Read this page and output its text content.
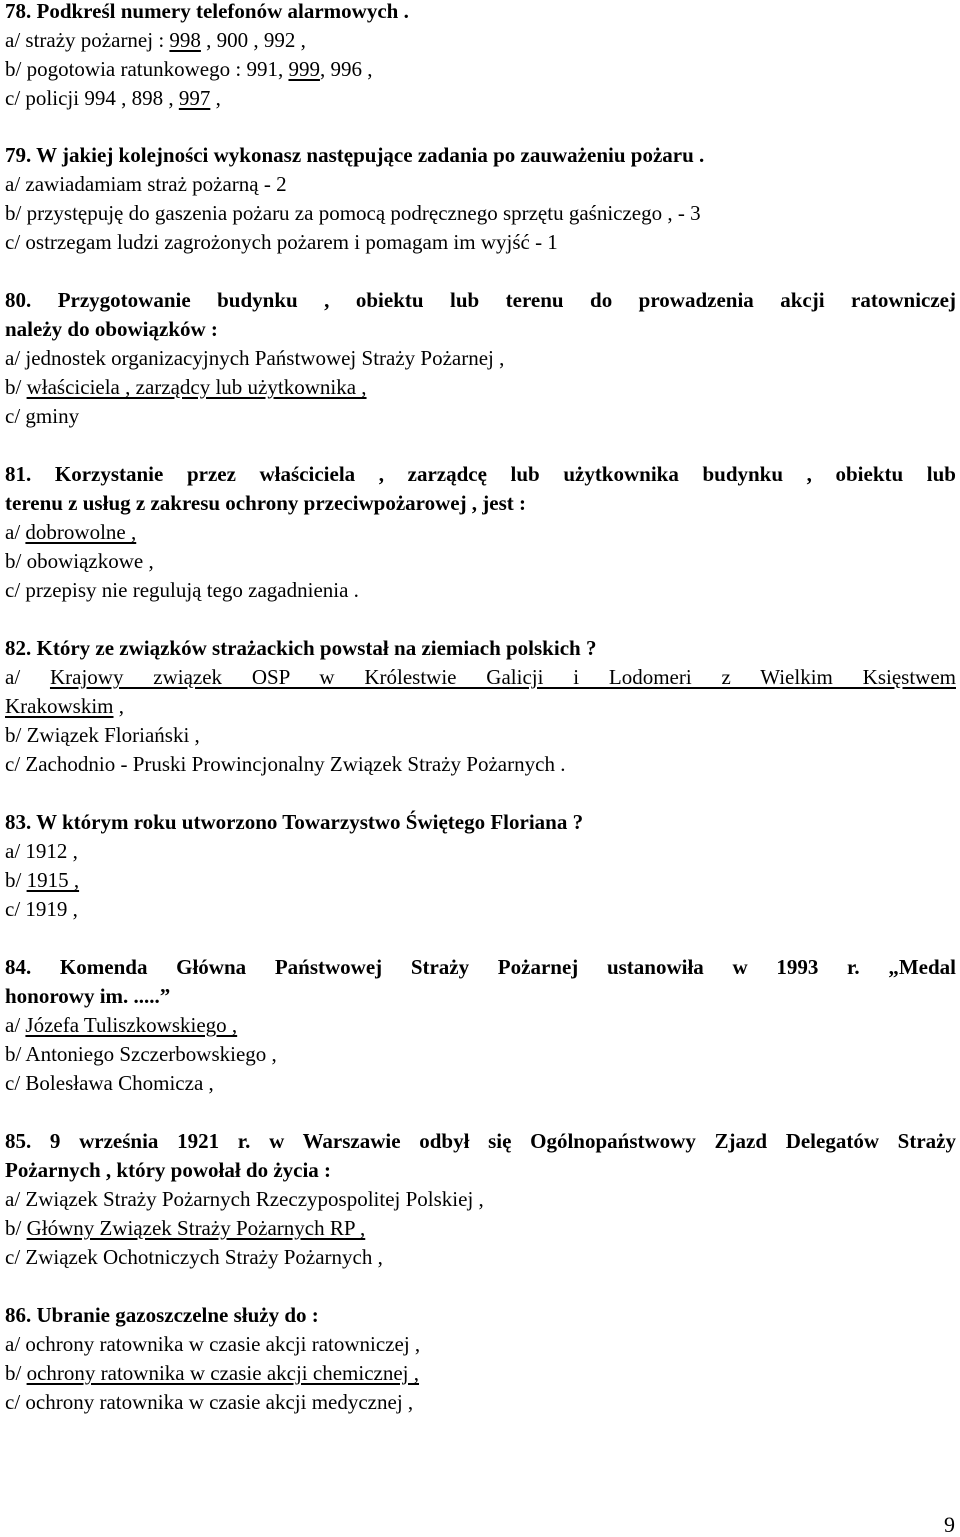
78. Podkreśl numery telefonów alarmowych .
a/ straży pożarnej : 998 , 900 , 992 ,
b/ pogotowia ratunkowego : 991, 999, 996 ,
c/ policji 994 , 898 , 997 ,
79. W jakiej kolejności wykonasz następujące zadania po zauważeniu pożaru .
a/ zawiadamiam straż pożarną - 2
b/ przystępuję do gaszenia pożaru za pomocą podręcznego sprzętu gaśniczego , - 3
c/ ostrzegam ludzi zagrożonych pożarem i pomagam im wyjść - 1
80. Przygotowanie budynku , obiektu lub terenu do prowadzenia akcji ratowniczej
należy do obowiązków :
a/ jednostek organizacyjnych Państwowej Straży Pożarnej ,
b/ właściciela , zarządcy lub użytkownika ,
c/ gminy
81. Korzystanie przez właściciela , zarządcę lub użytkownika budynku , obiektu lub
terenu z usług z zakresu ochrony przeciwpożarowej , jest :
a/ dobrowolne ,
b/ obowiązkowe ,
c/ przepisy nie regulują tego zagadnienia .
82. Który ze związków strażackich powstał na ziemiach polskich ?
a/ Krajowy związek OSP w Królestwie Galicji i Lodomeri z Wielkim Księstwem
Krakowskim ,
b/ Związek Floriański ,
c/ Zachodnio - Pruski Prowincjonalny Związek Straży Pożarnych .
83. W którym roku utworzono Towarzystwo Świętego Floriana ?
a/ 1912 ,
b/ 1915 ,
c/ 1919 ,
84. Komenda Główna Państwowej Straży Pożarnej ustanowiła w 1993 r. „Medal
honorowy im. .....”
a/ Józefa Tuliszkowskiego ,
b/ Antoniego Szczerbowskiego ,
c/ Bolesława Chomicza ,
85. 9 września 1921 r. w Warszawie odbył się Ogólnopaństwowy Zjazd Delegatów Straży
Pożarnych , który powołał do życia :
a/ Związek Straży Pożarnych Rzeczypospolitej Polskiej ,
b/ Główny Związek Straży Pożarnych RP ,
c/ Związek Ochotniczych Straży Pożarnych ,
86. Ubranie gazoszczelne służy do :
a/ ochrony ratownika w czasie akcji ratowniczej ,
b/ ochrony ratownika w czasie akcji chemicznej ,
c/ ochrony ratownika w czasie akcji medycznej ,
9
